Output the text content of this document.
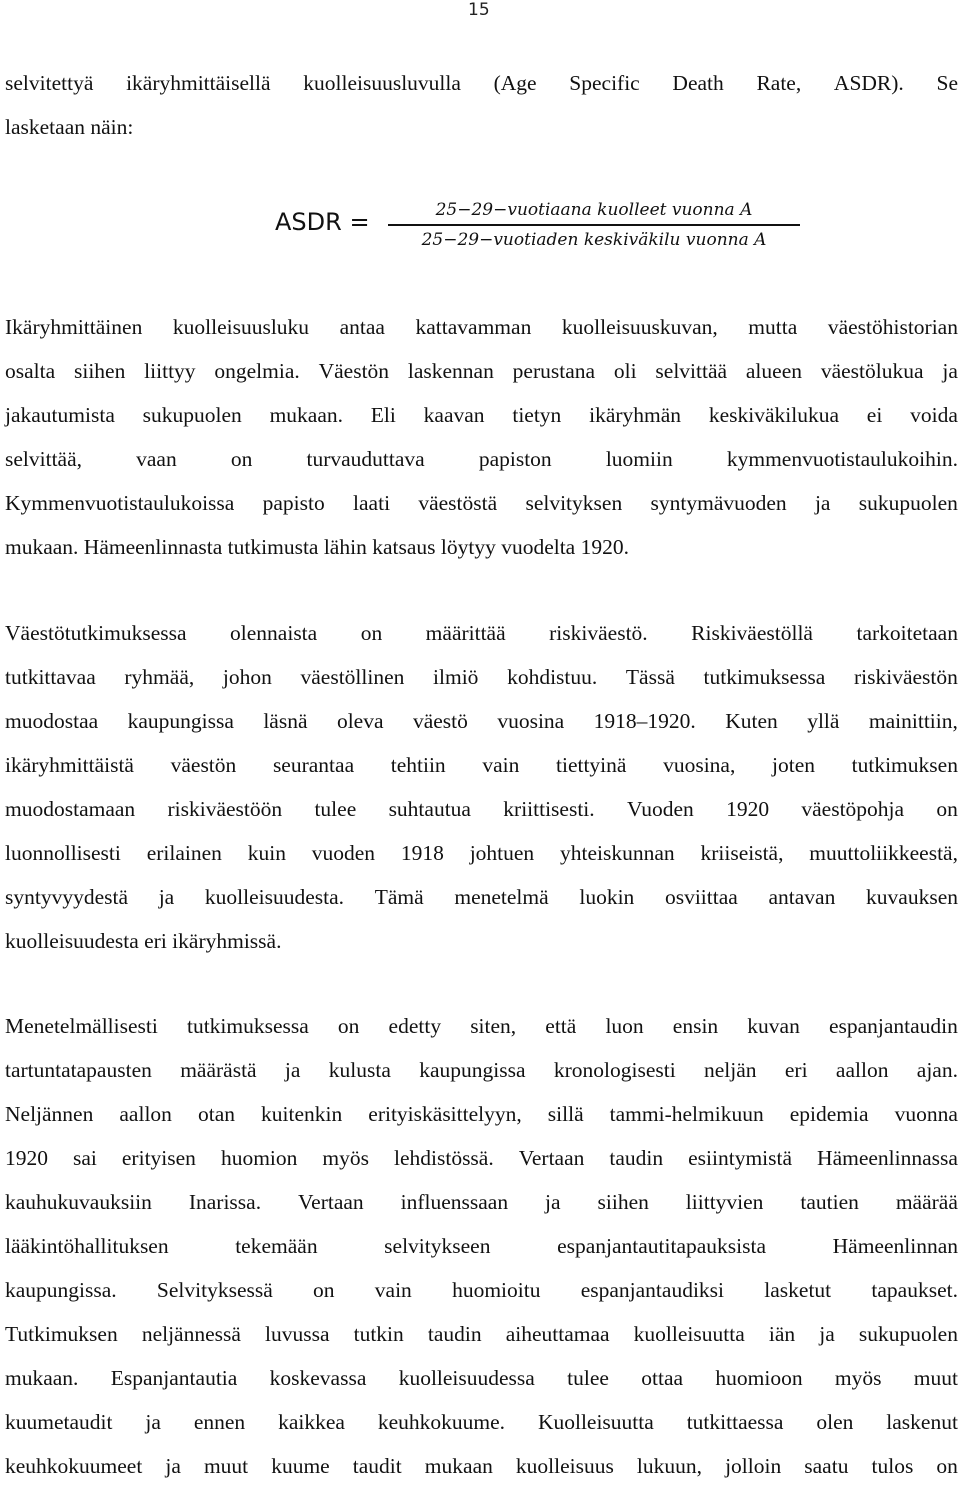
15
ASDR =	25−29−vuotiaana kuolleet vuonna A
25−29−vuotiaden keskiväkilu vuonna A

selvitettyä ikäryhmittäisellä kuolleisuusluvulla (Age Specific Death Rate, ASDR). Se
lasketaan näin:

Ikäryhmittäinen kuolleisuusluku antaa kattavamman kuolleisuuskuvan, mutta väestöhistorian
osalta siihen liittyy ongelmia. Väestön laskennan perustana oli selvittää alueen väestölukua ja
jakautumista sukupuolen mukaan. Eli kaavan tietyn ikäryhmän keskiväkilukua ei voida
selvittää,	vaan	on	turvauduttava	papiston	luomiin	kymmenvuotistaulukoihin.
Kymmenvuotistaulukoissa papisto laati väestöstä selvityksen syntymävuoden ja sukupuolen
mukaan. Hämeenlinnasta tutkimusta lähin katsaus löytyy vuodelta 1920.

Väestötutkimuksessa olennaista on määrittää riskiväestö. Riskiväestöllä tarkoitetaan
tutkittavaa ryhmää, johon väestöllinen ilmiö kohdistuu. Tässä tutkimuksessa riskiväestön
muodostaa kaupungissa läsnä oleva väestö vuosina 1918–1920. Kuten yllä mainittiin,
ikäryhmittäistä väestön seurantaa tehtiin vain tiettyinä vuosina, joten tutkimuksen
muodostamaan riskiväestöön tulee suhtautua kriittisesti. Vuoden 1920 väestöpohja on
luonnollisesti erilainen kuin vuoden 1918 johtuen yhteiskunnan kriiseistä, muuttoliikkeestä,
syntyvyydestä ja kuolleisuudesta. Tämä menetelmä luokin osviittaa antavan kuvauksen
kuolleisuudesta eri ikäryhmissä.

Menetelmällisesti tutkimuksessa on edetty siten, että luon ensin kuvan espanjantaudin
tartuntatapausten määrästä ja kulusta kaupungissa kronologisesti neljän eri aallon ajan.
Neljännen aallon otan kuitenkin erityiskäsittelyyn, sillä tammi-helmikuun epidemia vuonna
1920 sai erityisen huomion myös lehdistössä. Vertaan taudin esiintymistä Hämeenlinnassa
kauhukuvauksiin Inarissa. Vertaan influenssaan ja siihen liittyvien tautien määrää
lääkintöhallituksen	tekemään	selvitykseen	espanjantautitapauksista	Hämeenlinnan
kaupungissa. Selvityksessä on vain huomioitu espanjantaudiksi lasketut tapaukset.
Tutkimuksen neljännessä luvussa tutkin taudin aiheuttamaa kuolleisuutta iän ja sukupuolen
mukaan. Espanjantautia koskevassa kuolleisuudessa tulee ottaa huomioon myös muut
kuumetaudit ja ennen kaikkea keuhkokuume. Kuolleisuutta tutkittaessa olen laskenut
keuhkokuumeet ja muut kuume taudit mukaan kuolleisuus lukuun, jolloin saatu tulos on
